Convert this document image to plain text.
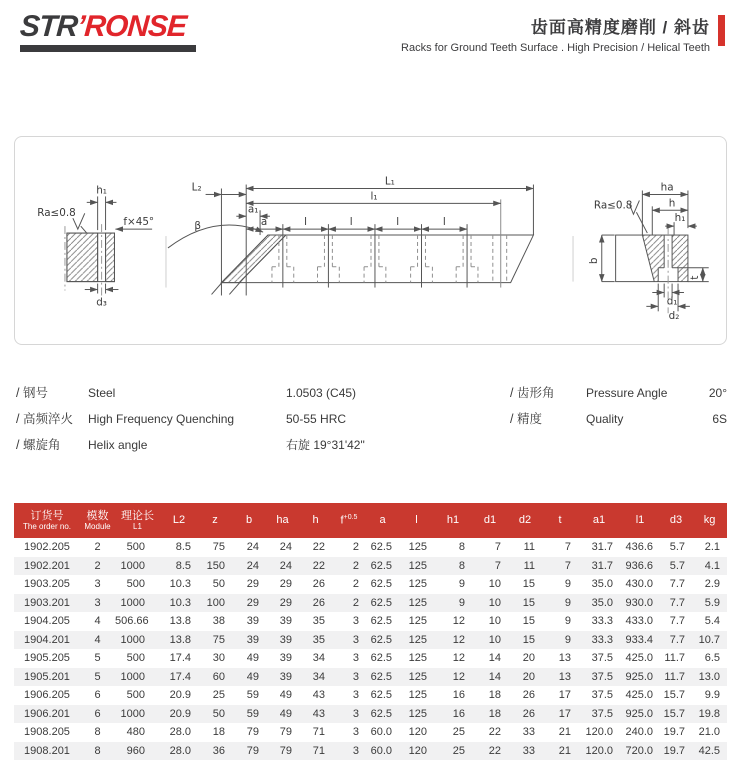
STR’RONSE	齿面高精度磨削 / 斜齿
Racks for Ground Teeth Surface . High Precision / Helical Teeth
h₁
Ra≤0.8
f×45°
d₃
L₂	L₁
l₁
a₁
a	l	l	l	l
β
ha
Ra≤0.8	h
h₁
b
t
d₁
d₂
/ 钢号	Steel	1.0503 (C45)
/ 高频淬火	High Frequency Quenching	50-55 HRC
/ 螺旋角	Helix angle	右旋 19°31'42"
/ 齿形角	Pressure Angle	20°
/ 精度	Quality	6S
订货号
The order no.

模数
Module

理论长
L1
	L2	z	b	ha	h	$f^{+0.5}$	a	l	h1	d1	d2	t	a1	l1	d3	kg
1902.205	2	500	8.5	75	24	24	22	2	62.5	125	8	7	11	7	31.7	436.6	5.7	2.1
1902.201	2	1000	8.5	150	24	24	22	2	62.5	125	8	7	11	7	31.7	936.6	5.7	4.1
1903.205	3	500	10.3	50	29	29	26	2	62.5	125	9	10	15	9	35.0	430.0	7.7	2.9
1903.201	3	1000	10.3	100	29	29	26	2	62.5	125	9	10	15	9	35.0	930.0	7.7	5.9
1904.205	4	506.66	13.8	38	39	39	35	3	62.5	125	12	10	15	9	33.3	433.0	7.7	5.4
1904.201	4	1000	13.8	75	39	39	35	3	62.5	125	12	10	15	9	33.3	933.4	7.7	10.7
1905.205	5	500	17.4	30	49	39	34	3	62.5	125	12	14	20	13	37.5	425.0	11.7	6.5
1905.201	5	1000	17.4	60	49	39	34	3	62.5	125	12	14	20	13	37.5	925.0	11.7	13.0
1906.205	6	500	20.9	25	59	49	43	3	62.5	125	16	18	26	17	37.5	425.0	15.7	9.9
1906.201	6	1000	20.9	50	59	49	43	3	62.5	125	16	18	26	17	37.5	925.0	15.7	19.8
1908.205	8	480	28.0	18	79	79	71	3	60.0	120	25	22	33	21	120.0	240.0	19.7	21.0
1908.201	8	960	28.0	36	79	79	71	3	60.0	120	25	22	33	21	120.0	720.0	19.7	42.5
